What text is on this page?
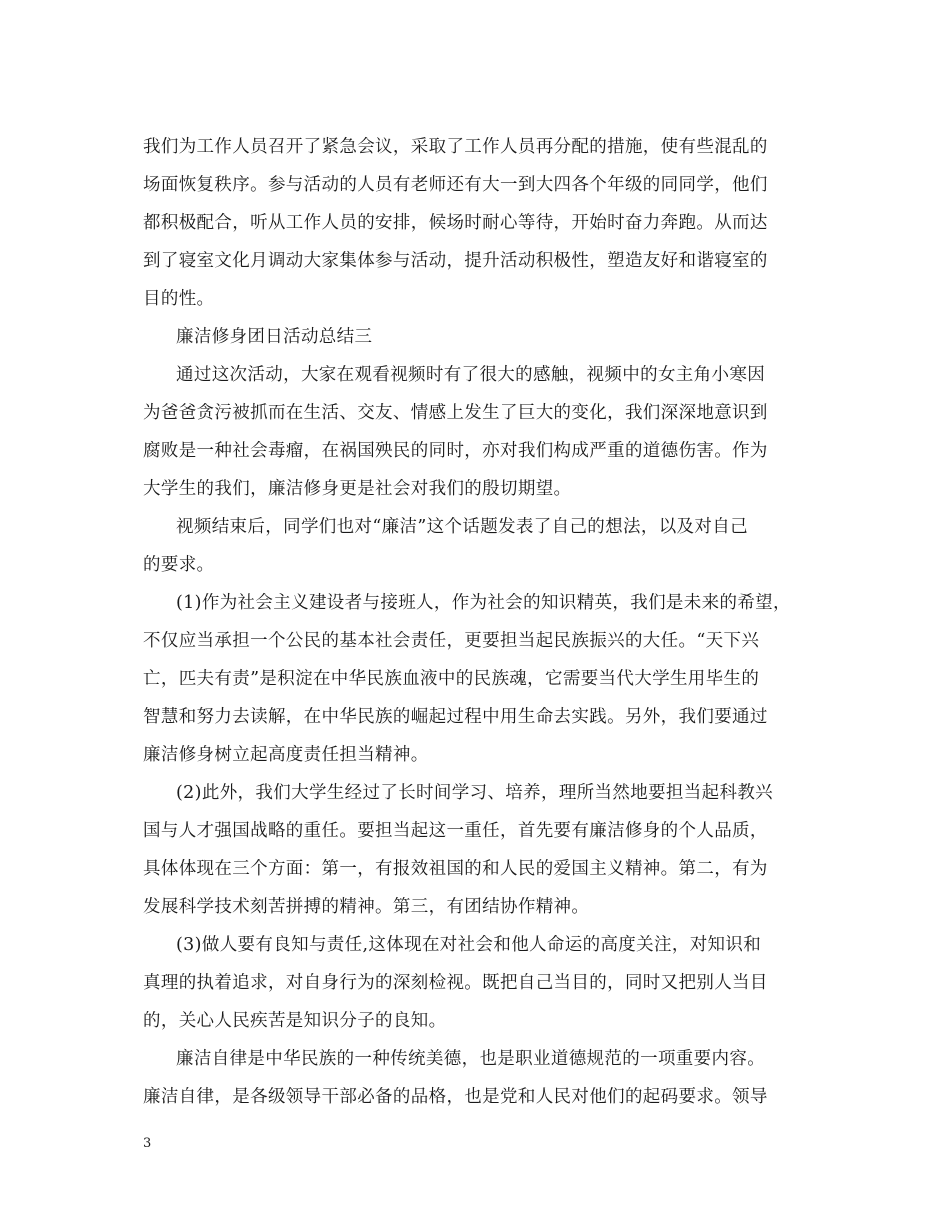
我们为工作人员召开了紧急会议，采取了工作人员再分配的措施，使有些混乱的
场面恢复秩序。参与活动的人员有老师还有大一到大四各个年级的同同学，他们
都积极配合，听从工作人员的安排，候场时耐心等待，开始时奋力奔跑。从而达
到了寝室文化月调动大家集体参与活动，提升活动积极性，塑造友好和谐寝室的
目的性。
廉洁修身团日活动总结三
通过这次活动，大家在观看视频时有了很大的感触，视频中的女主角小寒因
为爸爸贪污被抓而在生活、交友、情感上发生了巨大的变化，我们深深地意识到
腐败是一种社会毒瘤，在祸国殃民的同时，亦对我们构成严重的道德伤害。作为
大学生的我们，廉洁修身更是社会对我们的殷切期望。
视频结束后，同学们也对“廉洁”这个话题发表了自己的想法，以及对自己
的要求。
(1)作为社会主义建设者与接班人，作为社会的知识精英，我们是未来的希望，
不仅应当承担一个公民的基本社会责任，更要担当起民族振兴的大任。“天下兴
亡，匹夫有责”是积淀在中华民族血液中的民族魂，它需要当代大学生用毕生的
智慧和努力去读解，在中华民族的崛起过程中用生命去实践。另外，我们要通过
廉洁修身树立起高度责任担当精神。
(2)此外，我们大学生经过了长时间学习、培养，理所当然地要担当起科教兴
国与人才强国战略的重任。要担当起这一重任，首先要有廉洁修身的个人品质，
具体体现在三个方面：第一，有报效祖国的和人民的爱国主义精神。第二，有为
发展科学技术刻苦拼搏的精神。第三，有团结协作精神。
(3)做人要有良知与责任,这体现在对社会和他人命运的高度关注，对知识和
真理的执着追求，对自身行为的深刻检视。既把自己当目的，同时又把别人当目
的，关心人民疾苦是知识分子的良知。
廉洁自律是中华民族的一种传统美德，也是职业道德规范的一项重要内容。
廉洁自律，是各级领导干部必备的品格，也是党和人民对他们的起码要求。领导
3
